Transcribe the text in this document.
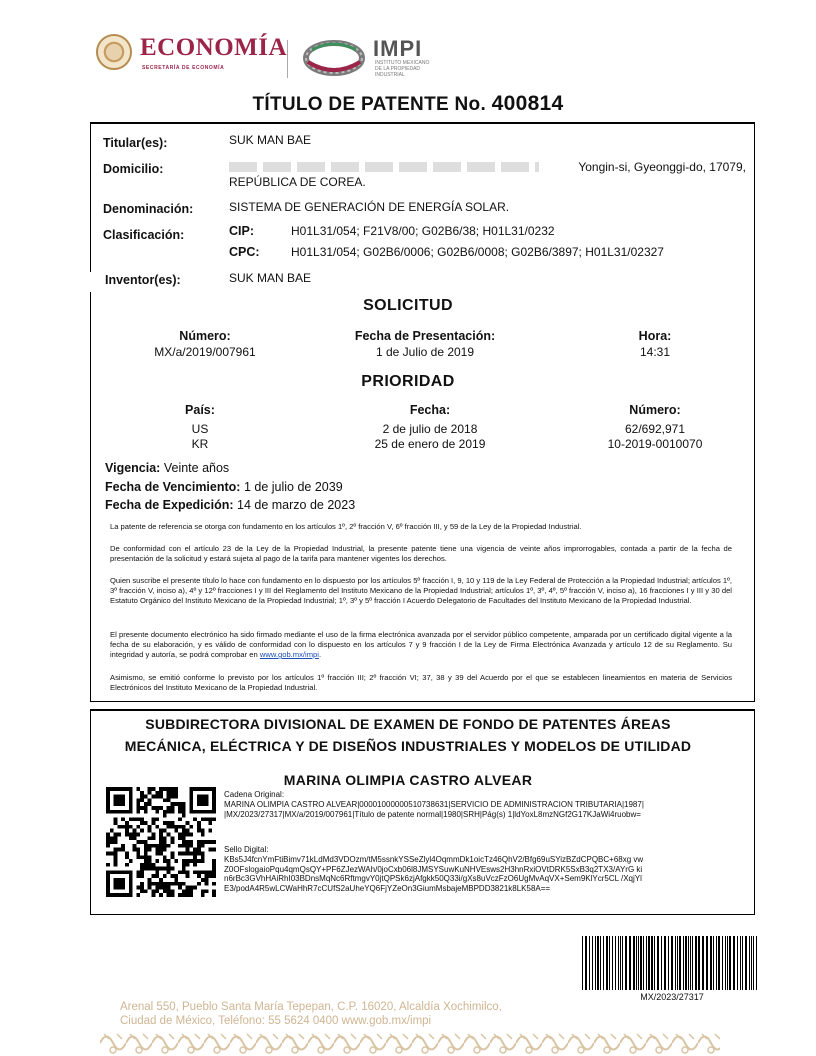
ECONOMÍA
SECRETARÍA DE ECONOMÍA
IMPI
INSTITUTO MEXICANO DE LA PROPIEDAD INDUSTRIAL
TÍTULO DE PATENTE No. 400814
Titular(es):	SUK MAN BAE
Domicilio:	Yongin-si, Gyeonggi-do, 17079,
REPÚBLICA DE COREA.
Denominación:	SISTEMA DE GENERACIÓN DE ENERGÍA SOLAR.
Clasificación:	CIP:	H01L31/054; F21V8/00; G02B6/38; H01L31/0232
CPC:	H01L31/054; G02B6/0006; G02B6/0008; G02B6/3897; H01L31/02327
Inventor(es):	SUK MAN BAE
SOLICITUD
Número:
MX/a/2019/007961
Fecha de Presentación:
1 de Julio de 2019
Hora:
14:31
PRIORIDAD
País:	Fecha:	Número:
US	2 de julio de 2018	62/692,971
KR	25 de enero de 2019	10-2019-0010070
Vigencia: Veinte años
Fecha de Vencimiento: 1 de julio de 2039
Fecha de Expedición: 14 de marzo de 2023
La patente de referencia se otorga con fundamento en los artículos 1º, 2º fracción V, 6º fracción III, y 59 de la Ley de la Propiedad Industrial.
De conformidad con el artículo 23 de la Ley de la Propiedad Industrial, la presente patente tiene una vigencia de veinte años improrrogables, contada a partir de la fecha de presentación de la solicitud y estará sujeta al pago de la tarifa para mantener vigentes los derechos.
Quien suscribe el presente título lo hace con fundamento en lo dispuesto por los artículos 5º fracción I, 9, 10 y 119 de la Ley Federal de Protección a la Propiedad Industrial; artículos 1º, 3º fracción V, inciso a), 4º y 12º fracciones I y III del Reglamento del Instituto Mexicano de la Propiedad Industrial; artículos 1º, 3º, 4º, 5º fracción V, inciso a), 16 fracciones I y III y 30 del Estatuto Orgánico del Instituto Mexicano de la Propiedad Industrial; 1º, 3º y 5º fracción I Acuerdo Delegatorio de Facultades del Instituto Mexicano de la Propiedad Industrial.
El presente documento electrónico ha sido firmado mediante el uso de la firma electrónica avanzada por el servidor público competente, amparada por un certificado digital vigente a la fecha de su elaboración, y es válido de conformidad con lo dispuesto en los artículos 7 y 9 fracción I de la Ley de Firma Electrónica Avanzada y artículo 12 de su Reglamento. Su integridad y autoría, se podrá comprobar en www.gob.mx/impi.
Asimismo, se emitió conforme lo previsto por los artículos 1º fracción III; 2º fracción VI; 37, 38 y 39 del Acuerdo por el que se establecen lineamientos en materia de Servicios Electrónicos del Instituto Mexicano de la Propiedad Industrial.
SUBDIRECTORA DIVISIONAL DE EXAMEN DE FONDO DE PATENTES ÁREAS
MECÁNICA, ELÉCTRICA Y DE DISEÑOS INDUSTRIALES Y MODELOS DE UTILIDAD
MARINA OLIMPIA CASTRO ALVEAR
Cadena Original:
MARINA OLIMPIA CASTRO ALVEAR|00001000000510738631|SERVICIO DE ADMINISTRACION TRIBUTARIA|1987||MX/2023/27317|MX/a/2019/007961|Título de patente normal|1980|SRH|Pág(s) 1|ldYoxL8mzNGf2G17KJaWi4ruobw=
Sello Digital:
KBs5J4fcnYmFtiBimv71kLdMd3VDOzm/tM5ssnkYSSeZlyl4OqmmDk1oicTz46QhV2/Bfg69uSYizBZdCPQBC+68xg vwZ0OFslogaioPqu4qmQsQY+PF6ZJezWAh/0joCxb06l8JMSYSuwKuNHVEsws2H3hnRxiOVtDRK5SxB3q2TX3/AYrG kin6rBc3GVhHAiRhI03BDnsMqNc6RftmgvY0jtQPSk6zjAfgkk50Q33i/gXs8uVczFzO6UgMvAqVX+Sem9KlYcr5CL /XqjYlE3/podA4R5wLCWaHhR7cCUfS2aUheYQ6FjYZeOn3GiumMsbajeMBPDD3821k8LK58A==
MX/2023/27317
Arenal 550, Pueblo Santa María Tepepan, C.P. 16020, Alcaldía Xochimilco,
Ciudad de México, Teléfono: 55 5624 0400 www.gob.mx/impi
